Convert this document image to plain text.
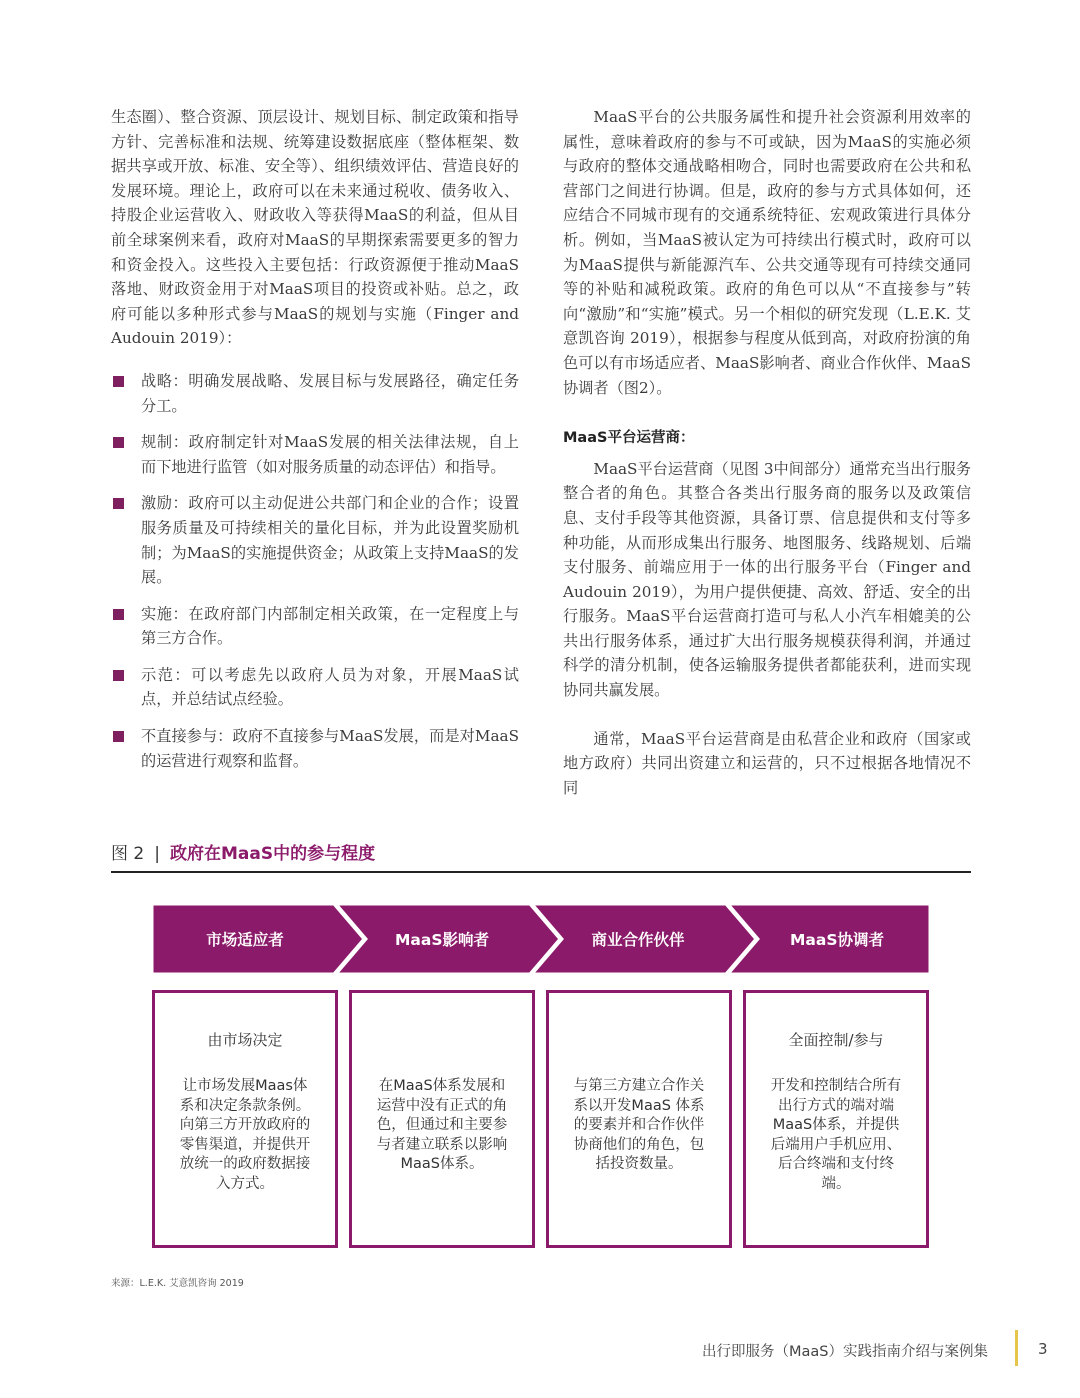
生态圈）、整合资源、顶层设计、规划目标、制定政策和指导方针、完善标准和法规、统筹建设数据底座（整体框架、数据共享或开放、标准、安全等）、组织绩效评估、营造良好的发展环境。理论上，政府可以在未来通过税收、债务收入、持股企业运营收入、财政收入等获得MaaS的利益，但从目前全球案例来看，政府对MaaS的早期探索需要更多的智力和资金投入。这些投入主要包括：行政资源便于推动MaaS落地、财政资金用于对MaaS项目的投资或补贴。总之，政府可能以多种形式参与MaaS的规划与实施（Finger and Audouin 2019）：

战略：明确发展战略、发展目标与发展路径，确定任务分工。
规制：政府制定针对MaaS发展的相关法律法规，自上而下地进行监管（如对服务质量的动态评估）和指导。
激励：政府可以主动促进公共部门和企业的合作；设置服务质量及可持续相关的量化目标，并为此设置奖励机制；为MaaS的实施提供资金；从政策上支持MaaS的发展。
实施：在政府部门内部制定相关政策，在一定程度上与第三方合作。
示范：可以考虑先以政府人员为对象，开展MaaS试点，并总结试点经验。
不直接参与：政府不直接参与MaaS发展，而是对MaaS的运营进行观察和监督。

MaaS平台的公共服务属性和提升社会资源利用效率的属性，意味着政府的参与不可或缺，因为MaaS的实施必须与政府的整体交通战略相吻合，同时也需要政府在公共和私营部门之间进行协调。但是，政府的参与方式具体如何，还应结合不同城市现有的交通系统特征、宏观政策进行具体分析。例如，当MaaS被认定为可持续出行模式时，政府可以为MaaS提供与新能源汽车、公共交通等现有可持续交通同等的补贴和减税政策。政府的角色可以从“不直接参与”转向“激励”和“实施”模式。另一个相似的研究发现（L.E.K. 艾意凯咨询 2019），根据参与程度从低到高，对政府扮演的角色可以有市场适应者、MaaS影响者、商业合作伙伴、MaaS协调者（图2）。

MaaS平台运营商：

MaaS平台运营商（见图 3中间部分）通常充当出行服务整合者的角色。其整合各类出行服务商的服务以及政策信息、支付手段等其他资源，具备订票、信息提供和支付等多种功能，从而形成集出行服务、地图服务、线路规划、后端支付服务、前端应用于一体的出行服务平台（Finger and Audouin 2019），为用户提供便捷、高效、舒适、安全的出行服务。MaaS平台运营商打造可与私人小汽车相媲美的公共出行服务体系，通过扩大出行服务规模获得利润，并通过科学的清分机制，使各运输服务提供者都能获利，进而实现协同共赢发展。

通常，MaaS平台运营商是由私营企业和政府（国家或地方政府）共同出资建立和运营的，只不过根据各地情况不同

图 2 | 政府在MaaS中的参与程度
市场适应者	MaaS影响者	商业合作伙伴	MaaS协调者
由市场决定
让市场发展Maas体系和决定条款条例。向第三方开放政府的零售渠道，并提供开放统一的政府数据接入方式。
在MaaS体系发展和运营中没有正式的角色，但通过和主要参与者建立联系以影响MaaS体系。
与第三方建立合作关系以开发MaaS 体系的要素并和合作伙伴协商他们的角色，包括投资数量。
全面控制/参与
开发和控制结合所有出行方式的端对端MaaS体系，并提供后端用户手机应用、后合终端和支付终端。
来源：L.E.K. 艾意凯咨询 2019
出行即服务（MaaS）实践指南介绍与案例集	3
